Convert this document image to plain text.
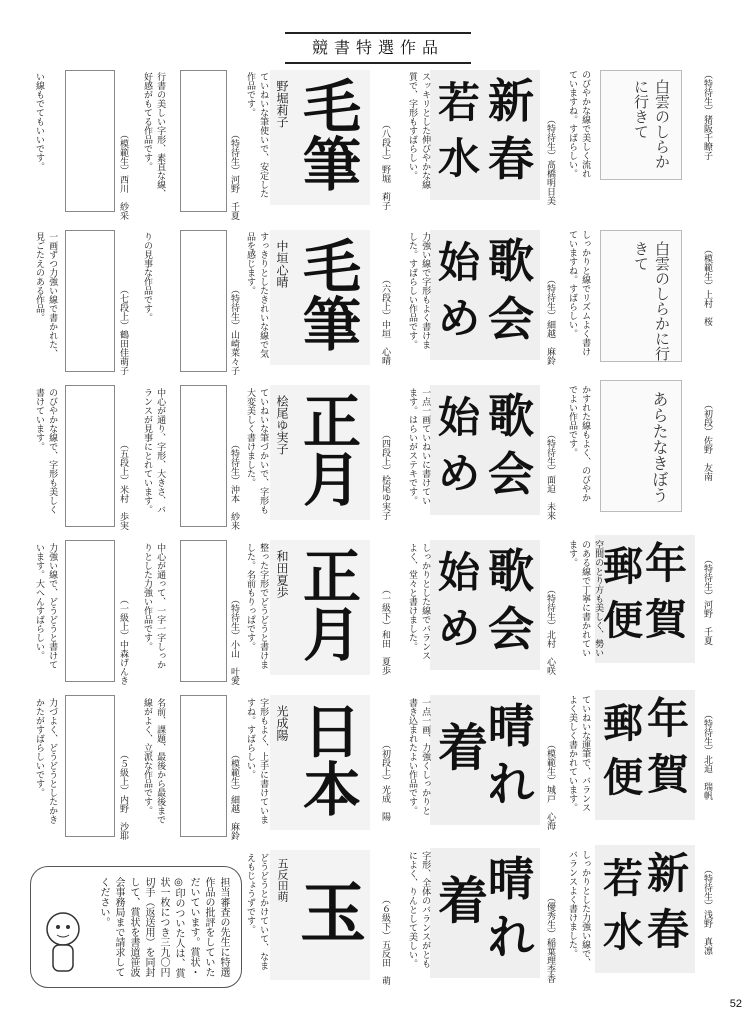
競書特選作品
白雲のしらかに行きて
のびやかな線で美しく流れていますね。すばらしい。	（特待生）猪阪千瞭子
白雲のしらかに行きて
しっかりと線でリズムよく書けていますね。すばらしい。	（模範生）上村　桜
あらたなきぼう
かすれた線もよく、のびやかでよい作品です。	（初段）佐野　友南
年
賀
郵
便
空間のとり方も美しく、勢いのある線で丁寧に書かれています。
（特待生）河野　千夏
年
賀
郵
便
ていねいな運筆で、バランスよく美しく書かれています。	（特待生）北迫　瑞帆
新
春
若
水
しっかりとした力強い線で、バランスよく書けました。	（特待生）浅野　真凛
新
春
若
水
スッキリとした伸びやかな線質で、字形もすばらしい。	（特待生）髙橋明日美
歌
会
始
め
力強い線で字形もよく書けました。すばらしい作品です。	（特待生）細越　麻鈴
歌
会
始
め
一点一画ていねいに書けています。はらいがステキです。	（特待生）面迫　未来
歌
会
始
め
しっかりとした線でバランスよく、堂々と書けました。	（特待生）北村　心咲
晴
れ
着
一点一画、力強くしっかりと書き込まれたよい作品です。	（模範生）城戸　心海
晴
れ
着
字形、全体のバランスがともによく、りんとして美しい。	（優秀生）稲葉理李香
毛筆
野堀莉子
ていねいな筆使いで、安定した作品です。
（八段上）野堀　莉子
毛筆
中垣心晴
すっきりとしたきれいな線で気品を感じます。
（六段上）中垣　心晴
正月
桧尾ゆ実子
ていねいな筆づかいで、字形も大変美しく書けました。	（四段上）桧尾ゆ実子
正月
和田夏歩
整った字形でどうどうと書けました。名前もりっぱです。	（一級下）和田　夏歩
日本
光成陽
字形もよく、上手に書けていますね。すばらしい。
（初段上）光成　陽
玉
五反田萌
どうどうとかけていて、なまえもじょうずです。
（６級下）五反田　萌
行書の美しい字形、素直な線、好感がもてる作品です。
（特待生）河野　千夏
りの見事な作品です。
（特待生）山崎菜々子
中心が通り、字形、大きさ、バランスが見事にとれています。	（特待生）沖本　紗来
中心が通って、一字一字しっかりとした力強い作品です。	（特待生）小山　叶愛
名前、課題、最後から最後まで線がよく、立派な作品です。	（模範生）細越　麻鈴
い線もでてもいいです。
（模範生）西川　紗采
一画ずつ力強い線で書かれた、見ごたえのある作品。
（七段上）鶴田佳萌子
のびやかな線で、字形も美しく書けています。
（五段上）米村　歩実
力強い線で、どうどうと書けています。大へんすばらしい。	（一級上）中森げんき
力づよく、どうどうとしたかきかたがすばらしいです。	（５級上）内野　沙耶
担当審査の先生に特選作品の批評をしていただいています。賞状・◎印のついた人は、賞状一枚につき三九〇円切手（返送用）を同封して、賞状を書道笹波会事務局まで請求してください。
52
